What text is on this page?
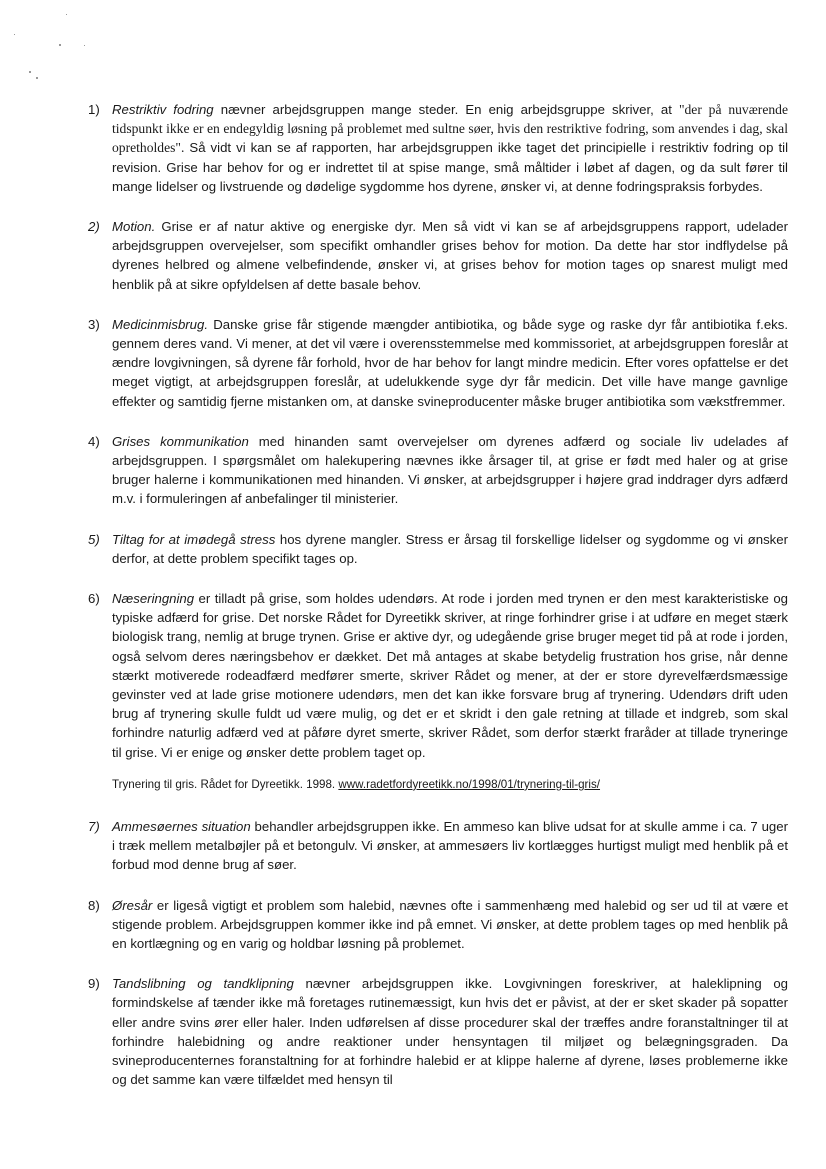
1) Restriktiv fodring nævner arbejdsgruppen mange steder. En enig arbejdsgruppe skriver, at "der på nuværende tidspunkt ikke er en endegyldig løsning på problemet med sultne søer, hvis den restriktive fodring, som anvendes i dag, skal opretholdes". Så vidt vi kan se af rapporten, har arbejdsgruppen ikke taget det principielle i restriktiv fodring op til revision. Grise har behov for og er indrettet til at spise mange, små måltider i løbet af dagen, og da sult fører til mange lidelser og livstruende og dødelige sygdomme hos dyrene, ønsker vi, at denne fodringspraksis forbydes.
2) Motion. Grise er af natur aktive og energiske dyr. Men så vidt vi kan se af arbejdsgruppens rapport, udelader arbejdsgruppen overvejelser, som specifikt omhandler grises behov for motion. Da dette har stor indflydelse på dyrenes helbred og almene velbefindende, ønsker vi, at grises behov for motion tages op snarest muligt med henblik på at sikre opfyldelsen af dette basale behov.
3) Medicinmisbrug. Danske grise får stigende mængder antibiotika, og både syge og raske dyr får antibiotika f.eks. gennem deres vand. Vi mener, at det vil være i overensstemmelse med kommissoriet, at arbejdsgruppen foreslår at ændre lovgivningen, så dyrene får forhold, hvor de har behov for langt mindre medicin. Efter vores opfattelse er det meget vigtigt, at arbejdsgruppen foreslår, at udelukkende syge dyr får medicin. Det ville have mange gavnlige effekter og samtidig fjerne mistanken om, at danske svineproducenter måske bruger antibiotika som vækstfremmer.
4) Grises kommunikation med hinanden samt overvejelser om dyrenes adfærd og sociale liv udelades af arbejdsgruppen. I spørgsmålet om halekupering nævnes ikke årsager til, at grise er født med haler og at grise bruger halerne i kommunikationen med hinanden. Vi ønsker, at arbejdsgrupper i højere grad inddrager dyrs adfærd m.v. i formuleringen af anbefalinger til ministerier.
5) Tiltag for at imødegå stress hos dyrene mangler. Stress er årsag til forskellige lidelser og sygdomme og vi ønsker derfor, at dette problem specifikt tages op.
6) Næseringning er tilladt på grise, som holdes udendørs. At rode i jorden med trynen er den mest karakteristiske og typiske adfærd for grise. Det norske Rådet for Dyreetikk skriver, at ringe forhindrer grise i at udføre en meget stærk biologisk trang, nemlig at bruge trynen. Grise er aktive dyr, og udegående grise bruger meget tid på at rode i jorden, også selvom deres næringsbehov er dækket. Det må antages at skabe betydelig frustration hos grise, når denne stærkt motiverede rodeadfærd medfører smerte, skriver Rådet og mener, at der er store dyrevelfærdsmæssige gevinster ved at lade grise motionere udendørs, men det kan ikke forsvare brug af trynering. Udendørs drift uden brug af trynering skulle fuldt ud være mulig, og det er et skridt i den gale retning at tillade et indgreb, som skal forhindre naturlig adfærd ved at påføre dyret smerte, skriver Rådet, som derfor stærkt fraråder at tillade tryneringe til grise. Vi er enige og ønsker dette problem taget op.
Trynering til gris. Rådet for Dyreetikk. 1998. www.radetfordyreetikk.no/1998/01/trynering-til-gris/
7) Ammesøernes situation behandler arbejdsgruppen ikke. En ammeso kan blive udsat for at skulle amme i ca. 7 uger i træk mellem metalbøjler på et betongulv. Vi ønsker, at ammesøers liv kortlægges hurtigst muligt med henblik på et forbud mod denne brug af søer.
8) Øresår er ligeså vigtigt et problem som halebid, nævnes ofte i sammenhæng med halebid og ser ud til at være et stigende problem. Arbejdsgruppen kommer ikke ind på emnet. Vi ønsker, at dette problem tages op med henblik på en kortlægning og en varig og holdbar løsning på problemet.
9) Tandslibning og tandklipning nævner arbejdsgruppen ikke. Lovgivningen foreskriver, at haleklipning og formindskelse af tænder ikke må foretages rutinemæssigt, kun hvis det er påvist, at der er sket skader på sopatter eller andre svins ører eller haler. Inden udførelsen af disse procedurer skal der træffes andre foranstaltninger til at forhindre halebidning og andre reaktioner under hensyntagen til miljøet og belægningsgraden. Da svineproducenternes foranstaltning for at forhindre halebid er at klippe halerne af dyrene, løses problemerne ikke og det samme kan være tilfældet med hensyn til
